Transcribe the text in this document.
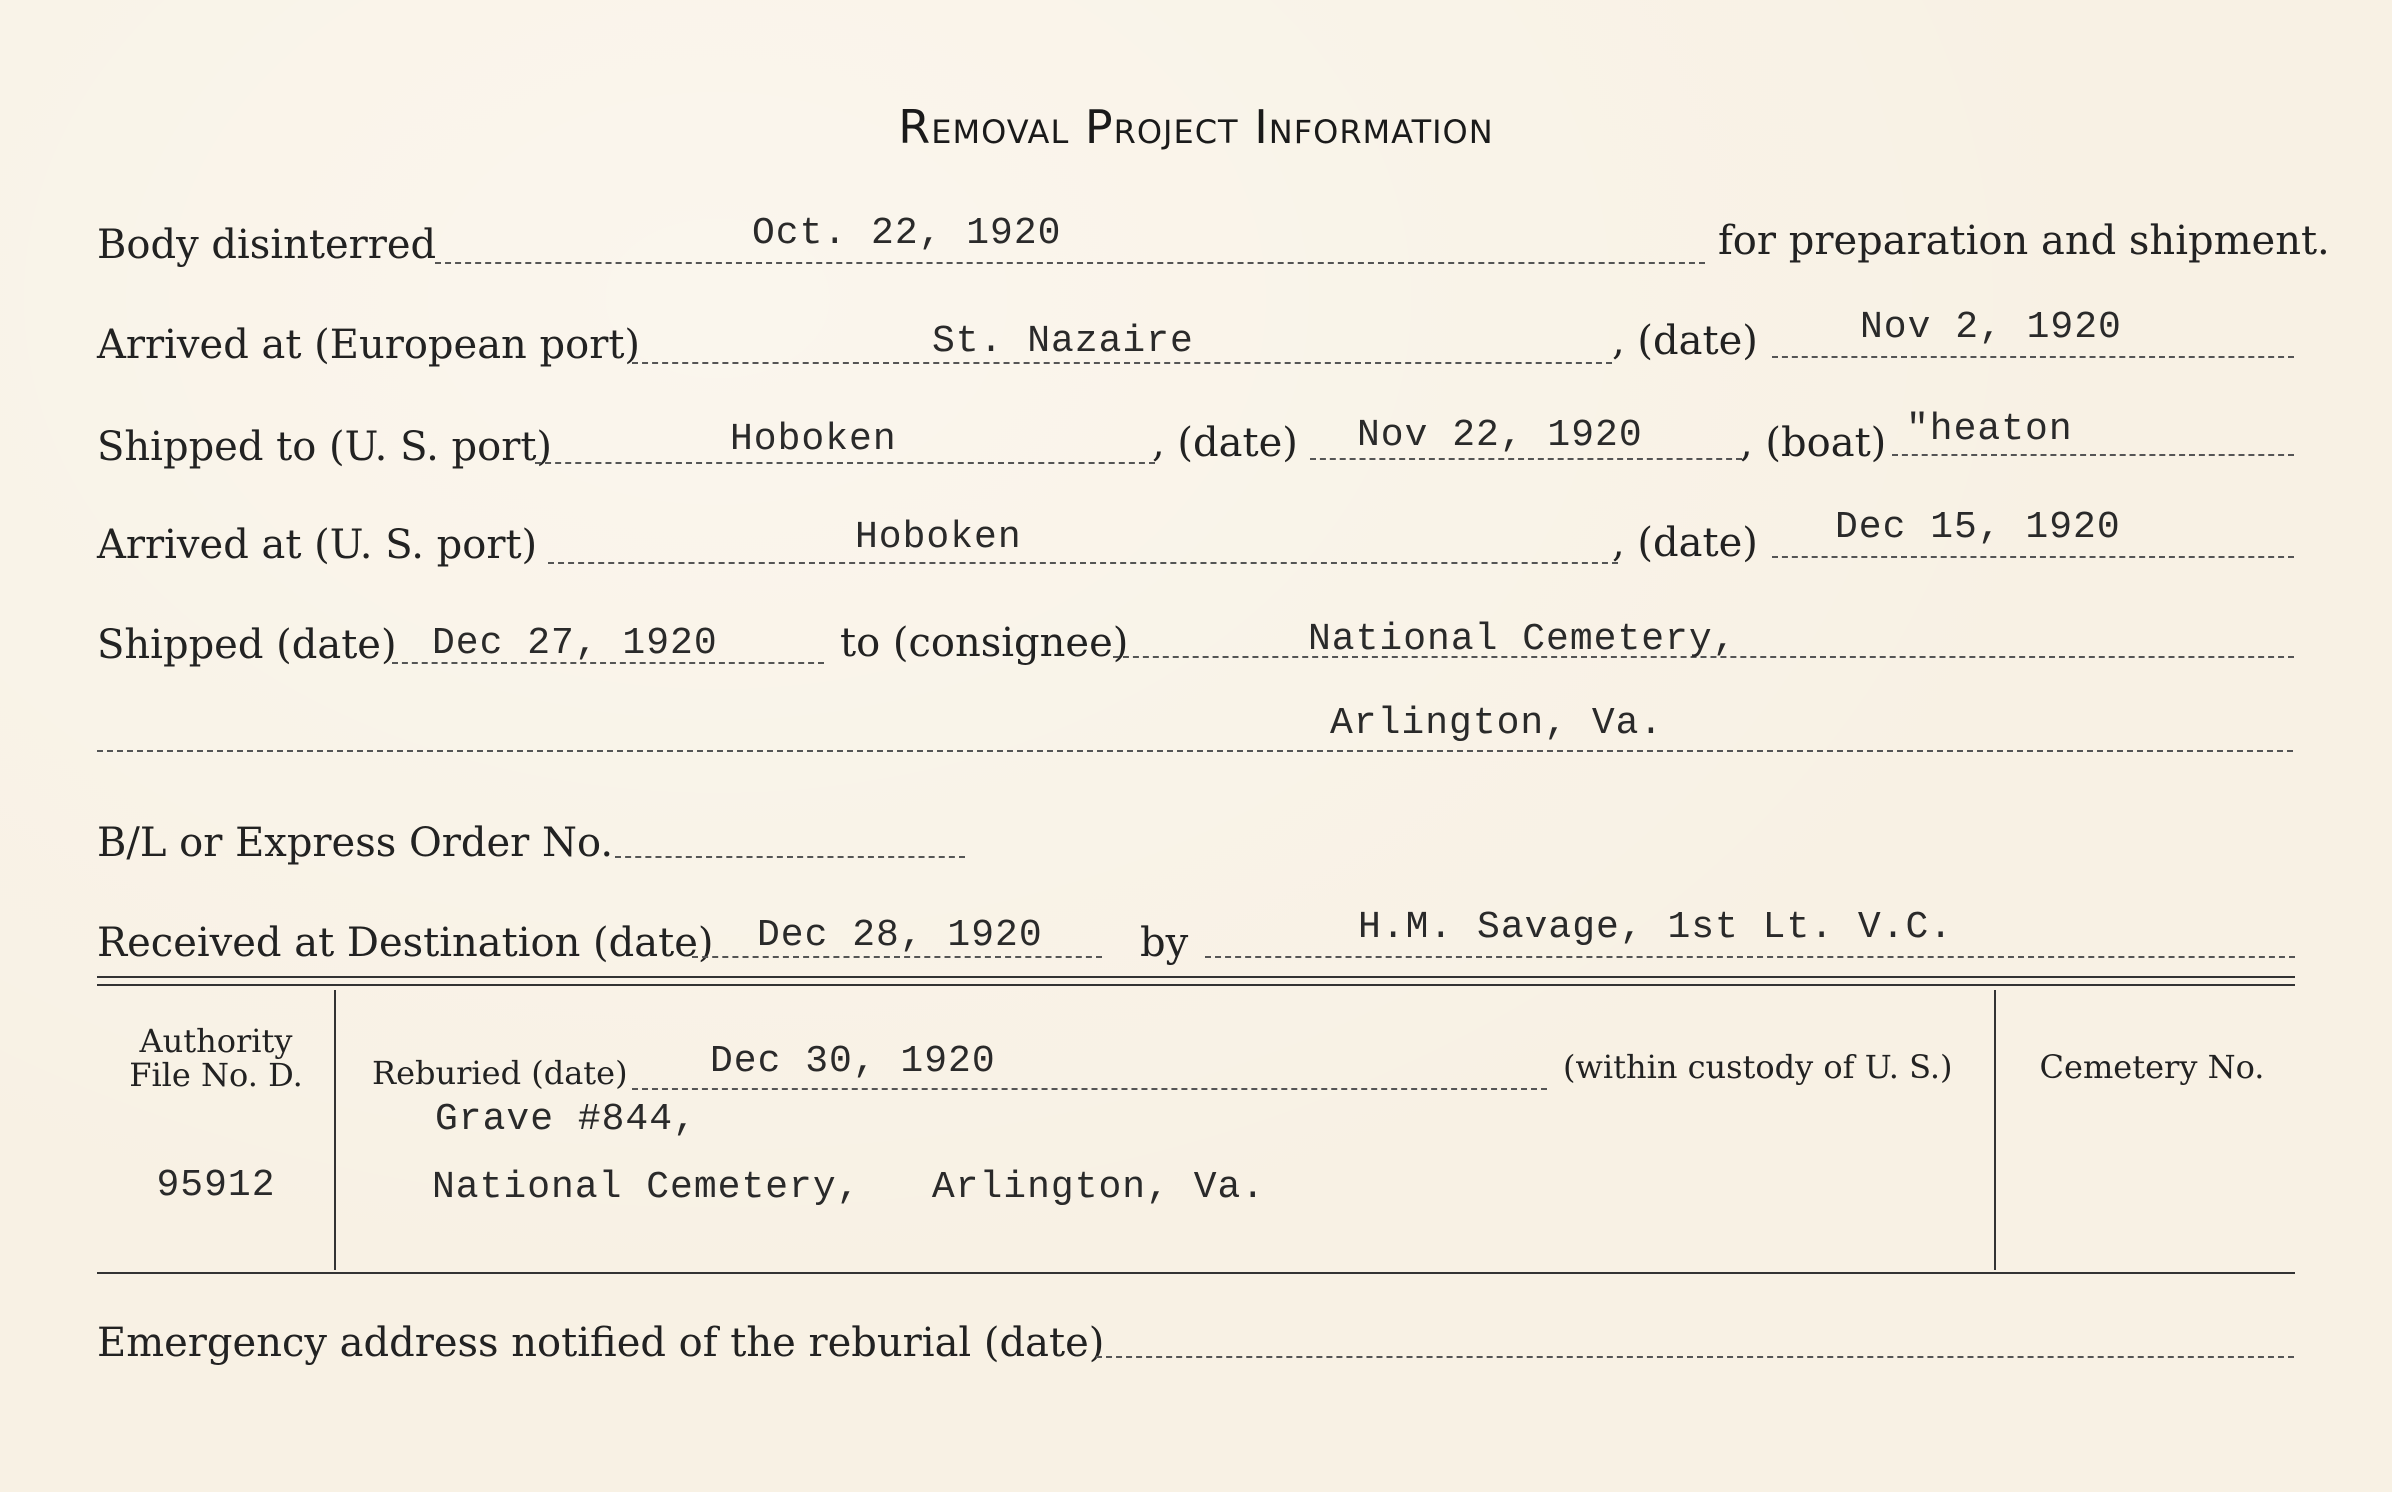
Removal Project Information
Body disinterred	Oct. 22, 1920	for preparation and shipment.
Arrived at (European port)	St. Nazaire	, (date)	Nov 2, 1920
Shipped to (U. S. port)	Hoboken	, (date) Nov 22, 1920 , (boat) "heaton
Arrived at (U. S. port)	Hoboken	, (date) Dec 15, 1920
Shipped (date) Dec 27, 1920	to (consignee)	National Cemetery,
Arlington, Va.
B/L or Express Order No.
Received at Destination (date) Dec 28, 1920 by	H.M. Savage, 1st Lt. V.C.
Authority
File No. D.
95912
Reburied (date) Dec 30, 1920	(within custody of U. S.)
Grave #844,
National Cemetery,   Arlington, Va.
Cemetery No.
Emergency address notified of the reburial (date)
